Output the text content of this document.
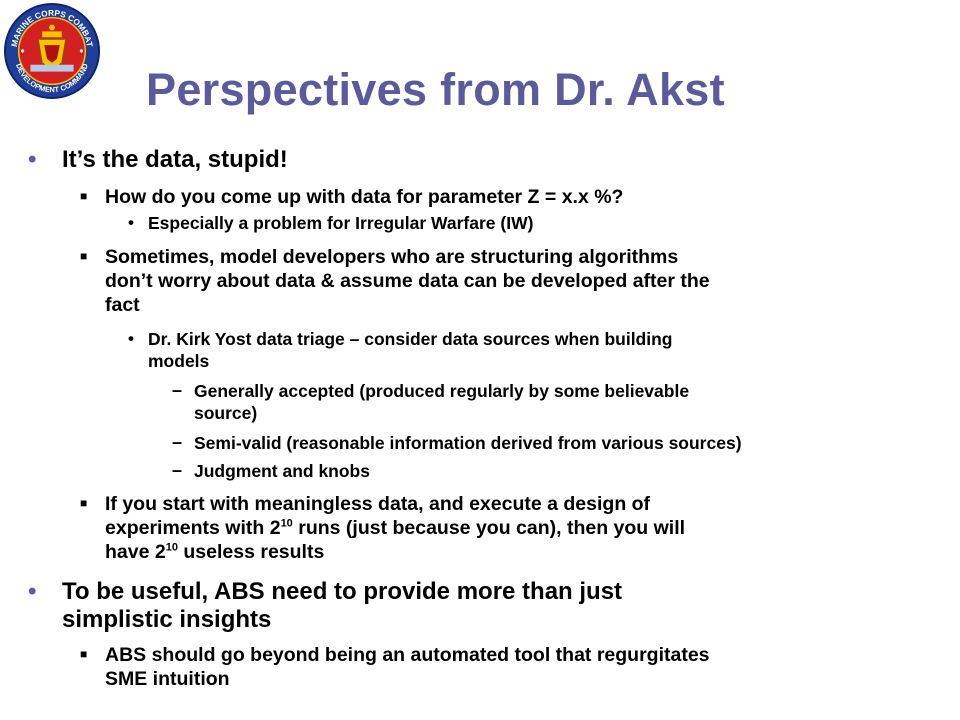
MARINE CORPS COMBAT
DEVELOPMENT COMMAND Perspectives from Dr. Akst
• It’s the data, stupid!
■ How do you come up with data for parameter Z = x.x %?
• Especially a problem for Irregular Warfare (IW)
■ Sometimes, model developers who are structuring algorithms
don’t worry about data & assume data can be developed after the
fact
• Dr. Kirk Yost data triage – consider data sources when building
models
– Generally accepted (produced regularly by some believable
source)
– Semi-valid (reasonable information derived from various sources)
– Judgment and knobs
■ If you start with meaningless data, and execute a design of
experiments with $2^{10}$ runs (just because you can), then you will
have $2^{10}$ useless results
• To be useful, ABS need to provide more than just
simplistic insights
■ ABS should go beyond being an automated tool that regurgitates
SME intuition
